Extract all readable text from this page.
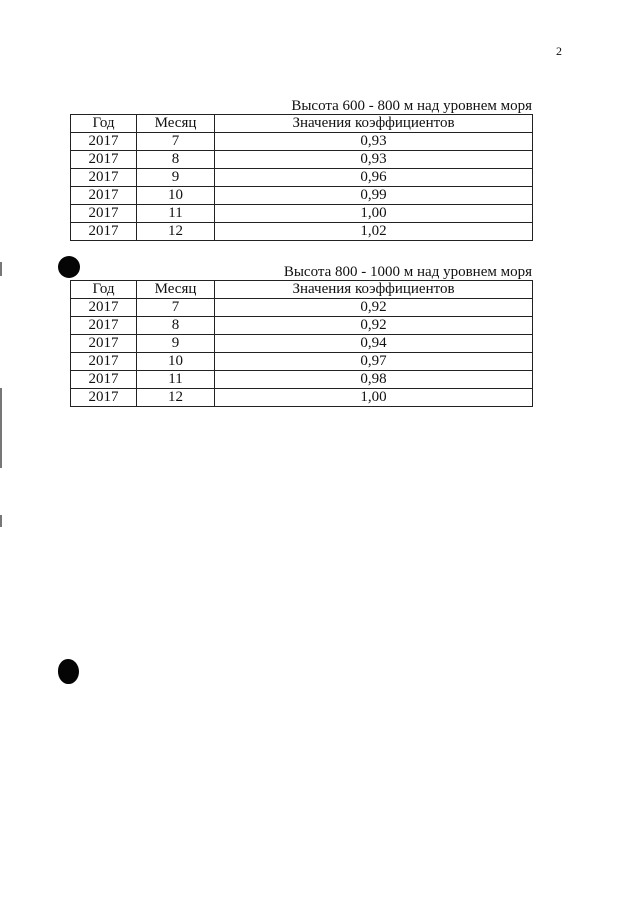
2
Высота 600 - 800 м над уровнем моря
Год	Месяц	Значения коэффициентов
2017	7	0,93
2017	8	0,93
2017	9	0,96
2017	10	0,99
2017	11	1,00
2017	12	1,02
Высота 800 - 1000 м над уровнем моря
Год	Месяц	Значения коэффициентов
2017	7	0,92
2017	8	0,92
2017	9	0,94
2017	10	0,97
2017	11	0,98
2017	12	1,00
